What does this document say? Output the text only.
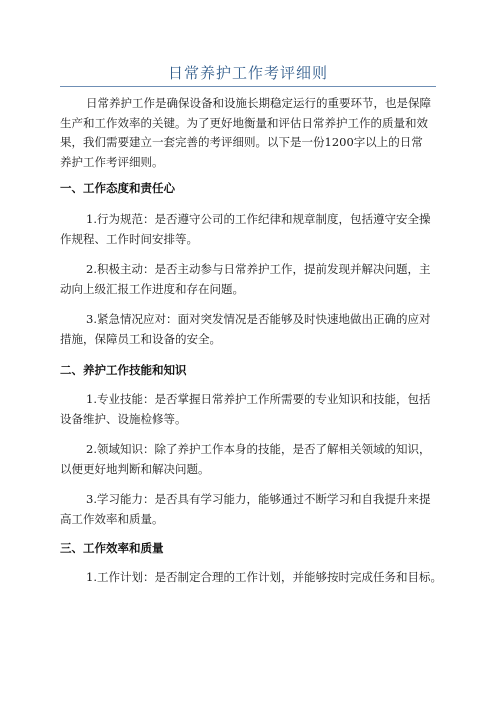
日常养护工作考评细则
日常养护工作是确保设备和设施长期稳定运行的重要环节，也是保障
生产和工作效率的关键。为了更好地衡量和评估日常养护工作的质量和效
果，我们需要建立一套完善的考评细则。以下是一份1200字以上的日常
养护工作考评细则。
一、工作态度和责任心
1.行为规范：是否遵守公司的工作纪律和规章制度，包括遵守安全操
作规程、工作时间安排等。
2.积极主动：是否主动参与日常养护工作，提前发现并解决问题，主
动向上级汇报工作进度和存在问题。
3.紧急情况应对：面对突发情况是否能够及时快速地做出正确的应对
措施，保障员工和设备的安全。
二、养护工作技能和知识
1.专业技能：是否掌握日常养护工作所需要的专业知识和技能，包括
设备维护、设施检修等。
2.领域知识：除了养护工作本身的技能，是否了解相关领域的知识，
以便更好地判断和解决问题。
3.学习能力：是否具有学习能力，能够通过不断学习和自我提升来提
高工作效率和质量。
三、工作效率和质量
1.工作计划：是否制定合理的工作计划，并能够按时完成任务和目标。
